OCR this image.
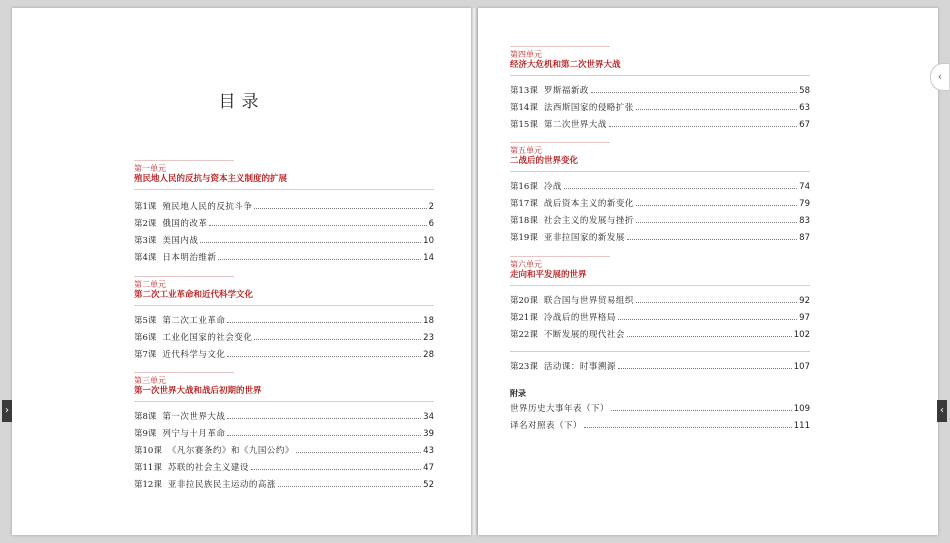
目录
第一单元
殖民地人民的反抗与资本主义制度的扩展
第1课 殖民地人民的反抗斗争	2
第2课 俄国的改革	6
第3课 美国内战	10
第4课 日本明治维新	14
第二单元
第二次工业革命和近代科学文化
第5课 第二次工业革命	18
第6课 工业化国家的社会变化	23
第7课 近代科学与文化	28
第三单元
第一次世界大战和战后初期的世界
第8课 第一次世界大战	34
第9课 列宁与十月革命	39
第10课 《凡尔赛条约》和《九国公约》	43
第11课 苏联的社会主义建设	47
第12课 亚非拉民族民主运动的高涨	52
第四单元
经济大危机和第二次世界大战
第13课 罗斯福新政	58
第14课 法西斯国家的侵略扩张	63
第15课 第二次世界大战	67
第五单元
二战后的世界变化
第16课 冷战	74
第17课 战后资本主义的新变化	79
第18课 社会主义的发展与挫折	83
第19课 亚非拉国家的新发展	87
第六单元
走向和平发展的世界
第20课 联合国与世界贸易组织	92
第21课 冷战后的世界格局	97
第22课 不断发展的现代社会	102
第23课 活动课：时事溯源	107
附录
世界历史大事年表（下）	109
译名对照表（下）	111
›	‹
‹
